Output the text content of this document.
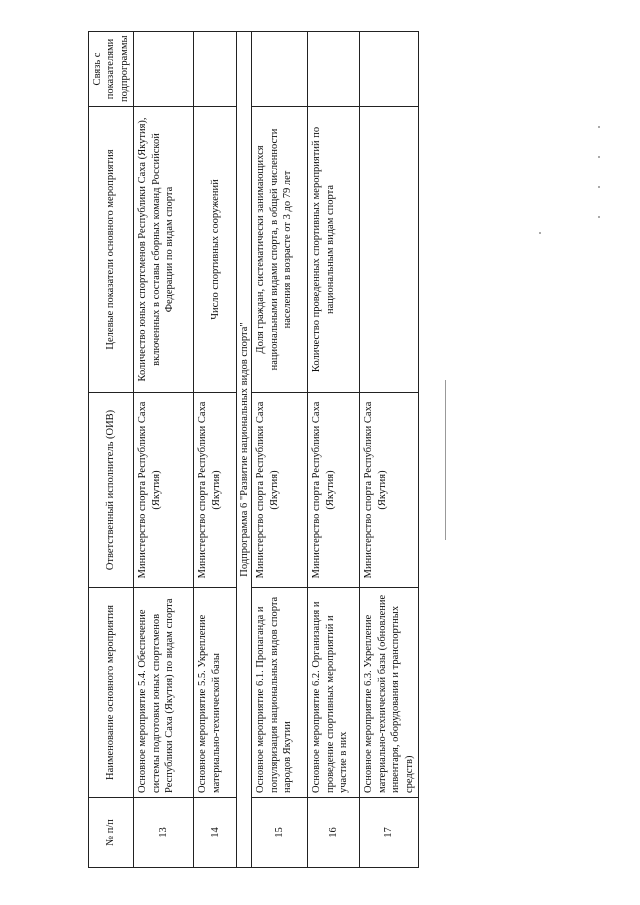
№ п/п	Наименование основного мероприятия	Ответственный исполнитель (ОИВ)	Целевые показатели основного мероприятия	Связь с показателями подпрограммы
13	Основное мероприятие 5.4. Обеспечение системы подготовки юных спортсменов Республики Саха (Якутия) по видам спорта	Министерство спорта Республики Саха (Якутия)	Количество юных спортсменов Республики Саха (Якутия), включенных в составы сборных команд Российской Федерации по видам спорта	
14	Основное мероприятие 5.5. Укрепление материально-технической базы	Министерство спорта Республики Саха (Якутия)	Число спортивных сооружений	
Подпрограмма 6 "Развитие национальных видов спорта"				
15	Основное мероприятие 6.1. Пропаганда и популяризация национальных видов спорта народов Якутии	Министерство спорта Республики Саха (Якутия)	Доля граждан, систематически занимающихся национальными видами спорта, в общей численности населения в возрасте от 3 до 79 лет	
16	Основное мероприятие 6.2. Организация и проведение спортивных мероприятий и участие в них	Министерство спорта Республики Саха (Якутия)	Количество проведенных спортивных мероприятий по национальным видам спорта	
17	Основное мероприятие 6.3. Укрепление материально-технической базы (обновление инвентаря, оборудования и транспортных средств)	Министерство спорта Республики Саха (Якутия)		
